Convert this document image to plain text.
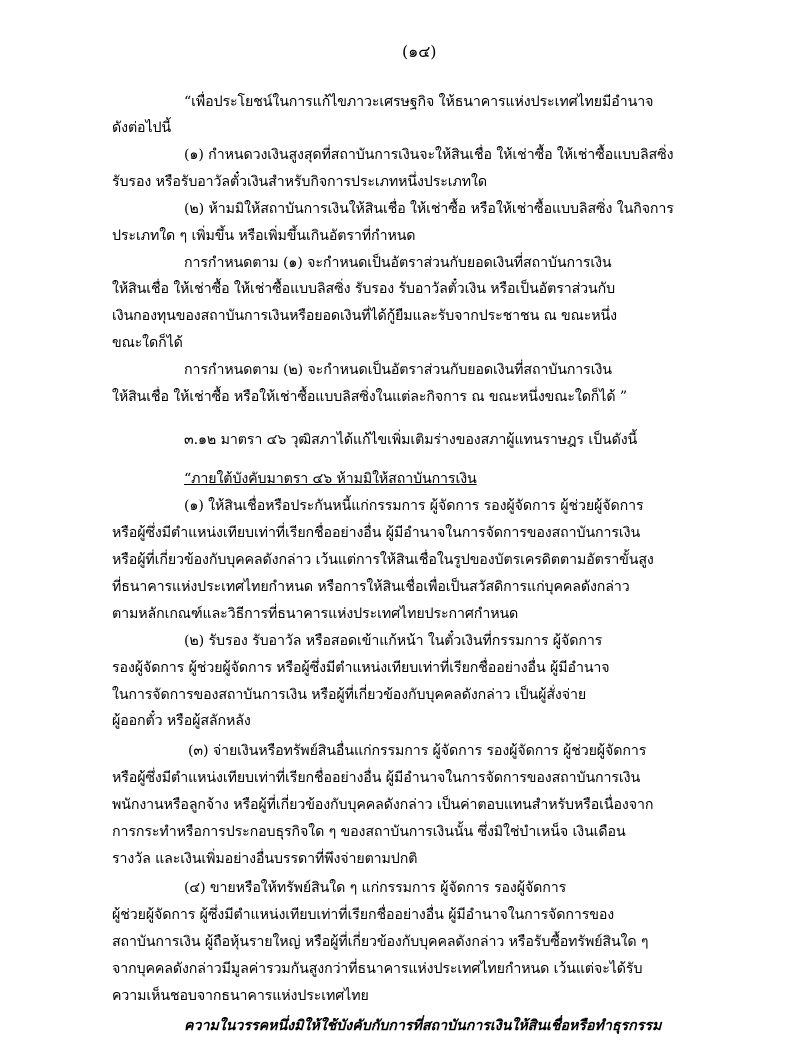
(๑๔)
“เพื่อประโยชน์ในการแก้ไขภาวะเศรษฐกิจ ให้ธนาคารแห่งประเทศไทยมีอำนาจ
ดังต่อไปนี้
(๑) กำหนดวงเงินสูงสุดที่สถาบันการเงินจะให้สินเชื่อ ให้เช่าซื้อ ให้เช่าซื้อแบบลิสซิ่ง
รับรอง หรือรับอาวัลตั๋วเงินสำหรับกิจการประเภทหนึ่งประเภทใด
(๒) ห้ามมิให้สถาบันการเงินให้สินเชื่อ ให้เช่าซื้อ หรือให้เช่าซื้อแบบลิสซิ่ง ในกิจการ
ประเภทใด ๆ เพิ่มขึ้น หรือเพิ่มขึ้นเกินอัตราที่กำหนด
การกำหนดตาม (๑) จะกำหนดเป็นอัตราส่วนกับยอดเงินที่สถาบันการเงิน
ให้สินเชื่อ ให้เช่าซื้อ ให้เช่าซื้อแบบลิสซิ่ง รับรอง รับอาวัลตั๋วเงิน หรือเป็นอัตราส่วนกับ
เงินกองทุนของสถาบันการเงินหรือยอดเงินที่ได้กู้ยืมและรับจากประชาชน ณ ขณะหนึ่ง
ขณะใดก็ได้
การกำหนดตาม (๒) จะกำหนดเป็นอัตราส่วนกับยอดเงินที่สถาบันการเงิน
ให้สินเชื่อ ให้เช่าซื้อ หรือให้เช่าซื้อแบบลิสซิ่งในแต่ละกิจการ ณ ขณะหนึ่งขณะใดก็ได้ ”
๓.๑๒ มาตรา ๔๖ วุฒิสภาได้แก้ไขเพิ่มเติมร่างของสภาผู้แทนราษฎร เป็นดังนี้
“ภายใต้บังคับมาตรา ๔๖ ห้ามมิให้สถาบันการเงิน
(๑) ให้สินเชื่อหรือประกันหนี้แก่กรรมการ ผู้จัดการ รองผู้จัดการ ผู้ช่วยผู้จัดการ
หรือผู้ซึ่งมีตำแหน่งเทียบเท่าที่เรียกชื่ออย่างอื่น ผู้มีอำนาจในการจัดการของสถาบันการเงิน
หรือผู้ที่เกี่ยวข้องกับบุคคลดังกล่าว เว้นแต่การให้สินเชื่อในรูปของบัตรเครดิตตามอัตราขั้นสูง
ที่ธนาคารแห่งประเทศไทยกำหนด หรือการให้สินเชื่อเพื่อเป็นสวัสดิการแก่บุคคลดังกล่าว
ตามหลักเกณฑ์และวิธีการที่ธนาคารแห่งประเทศไทยประกาศกำหนด
(๒) รับรอง รับอาวัล หรือสอดเข้าแก้หน้า ในตั๋วเงินที่กรรมการ ผู้จัดการ
รองผู้จัดการ ผู้ช่วยผู้จัดการ หรือผู้ซึ่งมีตำแหน่งเทียบเท่าที่เรียกชื่ออย่างอื่น ผู้มีอำนาจ
ในการจัดการของสถาบันการเงิน หรือผู้ที่เกี่ยวข้องกับบุคคลดังกล่าว เป็นผู้สั่งจ่าย
ผู้ออกตั๋ว หรือผู้สลักหลัง
(๓) จ่ายเงินหรือทรัพย์สินอื่นแก่กรรมการ ผู้จัดการ รองผู้จัดการ ผู้ช่วยผู้จัดการ
หรือผู้ซึ่งมีตำแหน่งเทียบเท่าที่เรียกชื่ออย่างอื่น ผู้มีอำนาจในการจัดการของสถาบันการเงิน
พนักงานหรือลูกจ้าง หรือผู้ที่เกี่ยวข้องกับบุคคลดังกล่าว เป็นค่าตอบแทนสำหรับหรือเนื่องจาก
การกระทำหรือการประกอบธุรกิจใด ๆ ของสถาบันการเงินนั้น ซึ่งมิใช่บำเหน็จ เงินเดือน
รางวัล และเงินเพิ่มอย่างอื่นบรรดาที่พึงจ่ายตามปกติ
(๔) ขายหรือให้ทรัพย์สินใด ๆ แก่กรรมการ ผู้จัดการ รองผู้จัดการ
ผู้ช่วยผู้จัดการ ผู้ซึ่งมีตำแหน่งเทียบเท่าที่เรียกชื่ออย่างอื่น ผู้มีอำนาจในการจัดการของ
สถาบันการเงิน ผู้ถือหุ้นรายใหญ่ หรือผู้ที่เกี่ยวข้องกับบุคคลดังกล่าว หรือรับซื้อทรัพย์สินใด ๆ
จากบุคคลดังกล่าวมีมูลค่ารวมกันสูงกว่าที่ธนาคารแห่งประเทศไทยกำหนด เว้นแต่จะได้รับ
ความเห็นชอบจากธนาคารแห่งประเทศไทย
ความในวรรคหนึ่งมิให้ใช้บังคับกับการที่สถาบันการเงินให้สินเชื่อหรือทำธุรกรรม
